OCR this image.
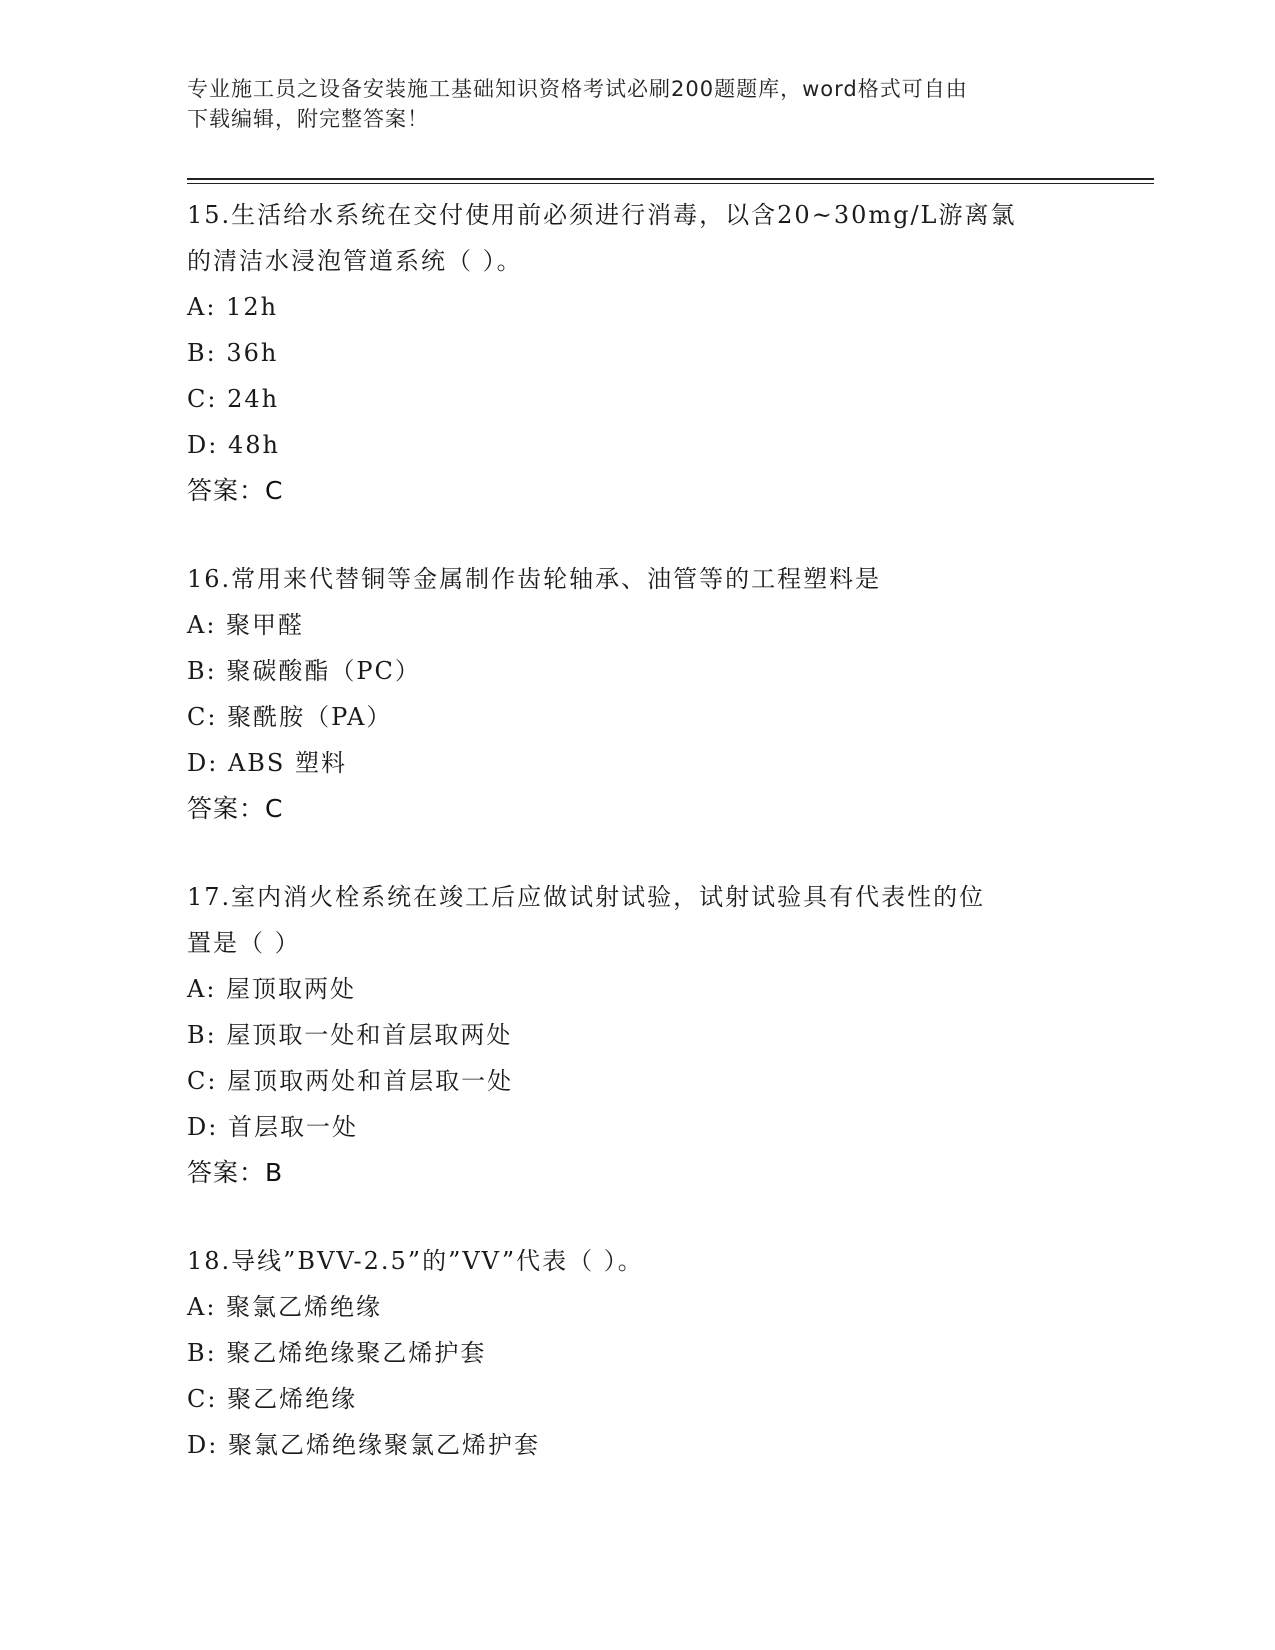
专业施工员之设备安装施工基础知识资格考试必刷200题题库，word格式可自由
下载编辑，附完整答案！

15.生活给水系统在交付使用前必须进行消毒，以含20~30mg/L游离氯

的清洁水浸泡管道系统（ ）。

A: 12h

B: 36h

C: 24h

D: 48h

答案：C

16.常用来代替铜等金属制作齿轮轴承、油管等的工程塑料是

A: 聚甲醛

B: 聚碳酸酯（PC）

C: 聚酰胺（PA）

D: ABS 塑料

答案：C

17.室内消火栓系统在竣工后应做试射试验，试射试验具有代表性的位

置是（ ）

A: 屋顶取两处

B: 屋顶取一处和首层取两处

C: 屋顶取两处和首层取一处

D: 首层取一处

答案：B

18.导线”BVV-2.5”的”VV”代表（ ）。

A: 聚氯乙烯绝缘

B: 聚乙烯绝缘聚乙烯护套

C: 聚乙烯绝缘

D: 聚氯乙烯绝缘聚氯乙烯护套
